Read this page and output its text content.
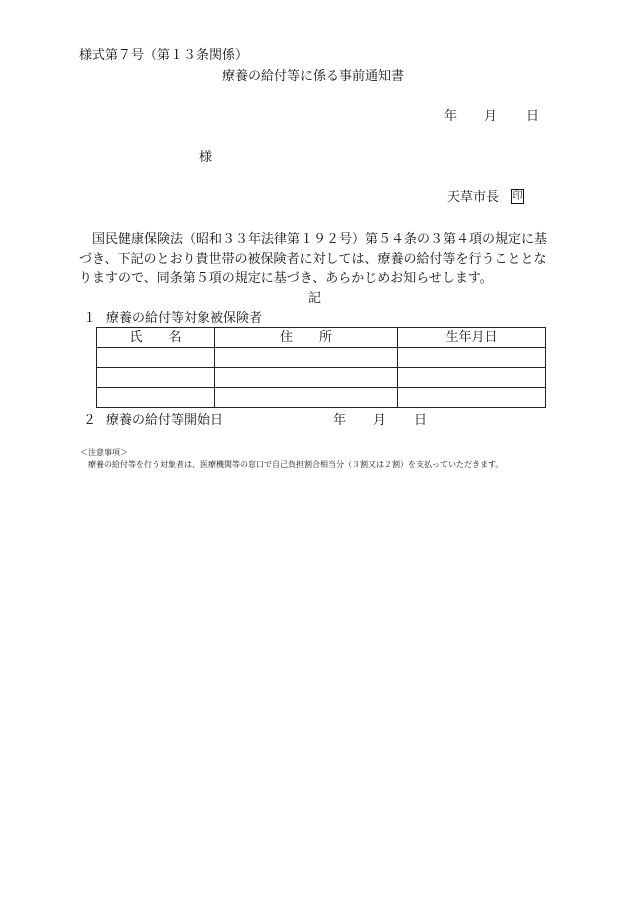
様式第７号（第１３条関係）
療養の給付等に係る事前通知書
年 月 日
様
天草市長 印
国民健康保険法（昭和３３年法律第１９２号）第５４条の３第４項の規定に基づき、下記のとおり貴世帯の被保険者に対しては、療養の給付等を行うこととなりますので、同条第５項の規定に基づき、あらかじめお知らせします。
記
１ 療養の給付等対象被保険者
氏　　名	住　　所	生年月日

２ 療養の給付等開始日	年 月 日
＜注意事項＞
療養の給付等を行う対象者は、医療機関等の窓口で自己負担割合相当分（３割又は２割）を支払っていただきます。
